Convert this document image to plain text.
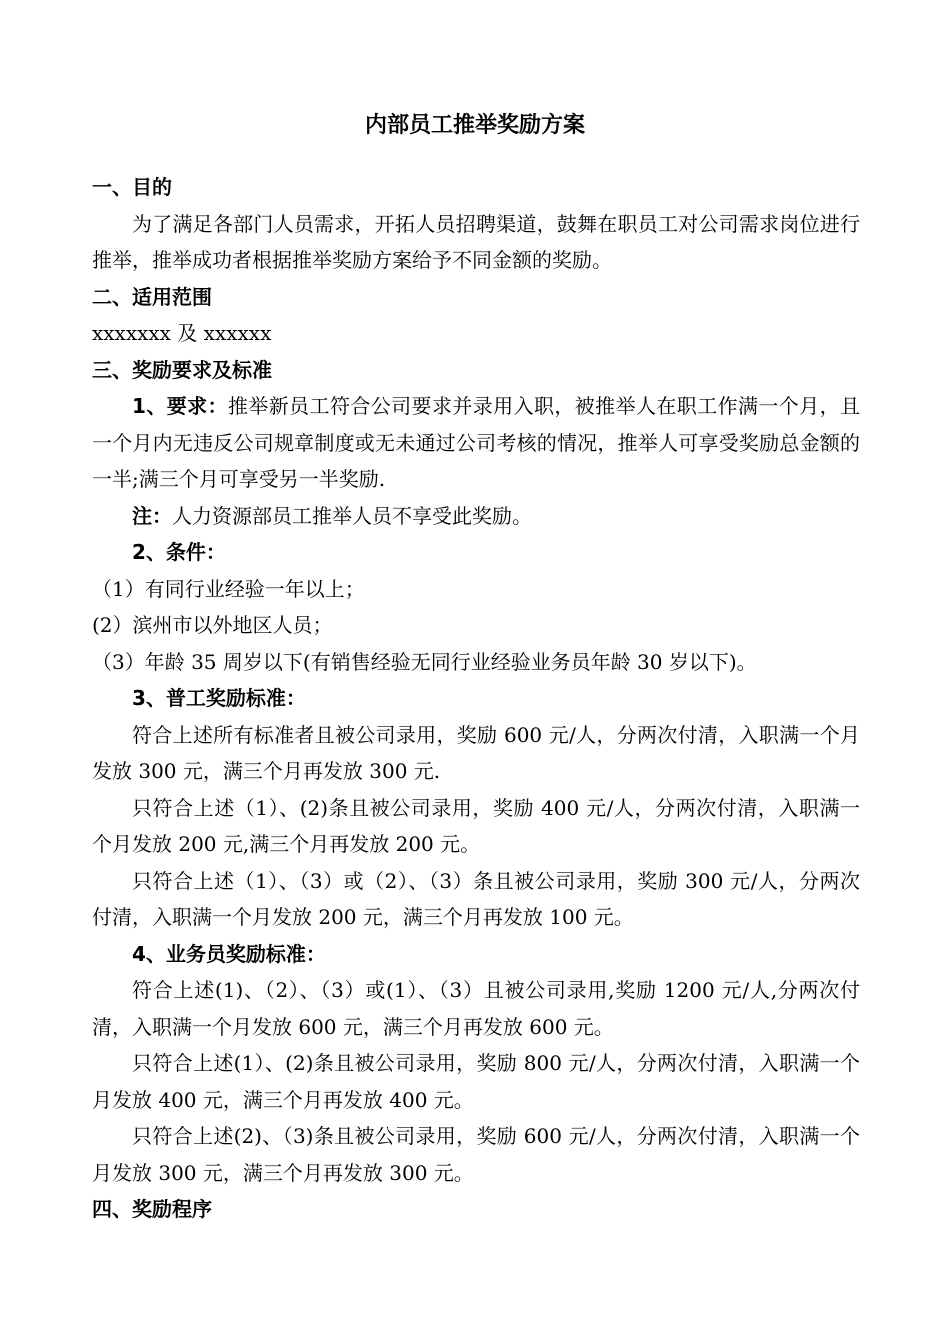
内部员工推举奖励方案

一、目的

为了满足各部门人员需求，开拓人员招聘渠道，鼓舞在职员工对公司需求岗位进行推举，推举成功者根据推举奖励方案给予不同金额的奖励。

二、适用范围

xxxxxxx 及 xxxxxx

三、奖励要求及标准

1、要求：推举新员工符合公司要求并录用入职，被推举人在职工作满一个月，且一个月内无违反公司规章制度或无未通过公司考核的情况，推举人可享受奖励总金额的一半;满三个月可享受另一半奖励.

注：人力资源部员工推举人员不享受此奖励。

2、条件：

（1）有同行业经验一年以上；

(2）滨州市以外地区人员；

（3）年龄 35 周岁以下(有销售经验无同行业经验业务员年龄 30 岁以下)。

3、普工奖励标准：

符合上述所有标准者且被公司录用，奖励 600 元/人，分两次付清，入职满一个月发放 300 元，满三个月再发放 300 元.

只符合上述（1）、(2)条且被公司录用，奖励 400 元/人，分两次付清，入职满一个月发放 200 元,满三个月再发放 200 元。

只符合上述（1）、（3）或（2）、（3）条且被公司录用，奖励 300 元/人，分两次付清，入职满一个月发放 200 元，满三个月再发放 100 元。

4、业务员奖励标准：

符合上述(1)、（2）、（3）或(1）、（3）且被公司录用,奖励 1200 元/人,分两次付清，入职满一个月发放 600 元，满三个月再发放 600 元。

只符合上述(1）、(2)条且被公司录用，奖励 800 元/人，分两次付清，入职满一个月发放 400 元，满三个月再发放 400 元。

只符合上述(2)、（3)条且被公司录用，奖励 600 元/人，分两次付清，入职满一个月发放 300 元，满三个月再发放 300 元。

四、奖励程序
